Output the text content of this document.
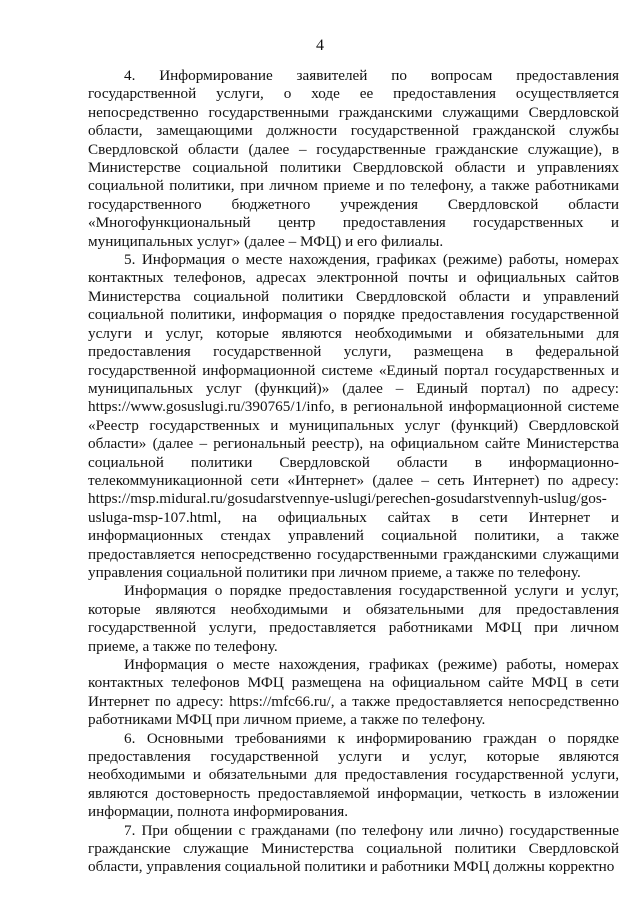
4

4. Информирование заявителей по вопросам предоставления государственной услуги, о ходе ее предоставления осуществляется непосредственно государственными гражданскими служащими Свердловской области, замещающими должности государственной гражданской службы Свердловской области (далее – государственные гражданские служащие), в Министерстве социальной политики Свердловской области и управлениях социальной политики, при личном приеме и по телефону, а также работниками государственного бюджетного учреждения Свердловской области «Многофункциональный центр предоставления государственных и муниципальных услуг» (далее – МФЦ) и его филиалы.

5. Информация о месте нахождения, графиках (режиме) работы, номерах контактных телефонов, адресах электронной почты и официальных сайтов Министерства социальной политики Свердловской области и управлений социальной политики, информация о порядке предоставления государственной услуги и услуг, которые являются необходимыми и обязательными для предоставления государственной услуги, размещена в федеральной государственной информационной системе «Единый портал государственных и муниципальных услуг (функций)» (далее – Единый портал) по адресу: https://www.gosuslugi.ru/390765/1/info, в региональной информационной системе «Реестр государственных и муниципальных услуг (функций) Свердловской области» (далее – региональный реестр), на официальном сайте Министерства социальной политики Свердловской области в информационно-телекоммуникационной сети «Интернет» (далее – сеть Интернет) по адресу: https://msp.midural.ru/gosudarstvennye-uslugi/perechen-gosudarstvennyh-uslug/gos-usluga-msp-107.html, на официальных сайтах в сети Интернет и информационных стендах управлений социальной политики, а также предоставляется непосредственно государственными гражданскими служащими управления социальной политики при личном приеме, а также по телефону.

Информация о порядке предоставления государственной услуги и услуг, которые являются необходимыми и обязательными для предоставления государственной услуги, предоставляется работниками МФЦ при личном приеме, а также по телефону.

Информация о месте нахождения, графиках (режиме) работы, номерах контактных телефонов МФЦ размещена на официальном сайте МФЦ в сети Интернет по адресу: https://mfc66.ru/, а также предоставляется непосредственно работниками МФЦ при личном приеме, а также по телефону.

6. Основными требованиями к информированию граждан о порядке предоставления государственной услуги и услуг, которые являются необходимыми и обязательными для предоставления государственной услуги, являются достоверность предоставляемой информации, четкость в изложении информации, полнота информирования.

7. При общении с гражданами (по телефону или лично) государственные гражданские служащие Министерства социальной политики Свердловской области, управления социальной политики и работники МФЦ должны корректно
